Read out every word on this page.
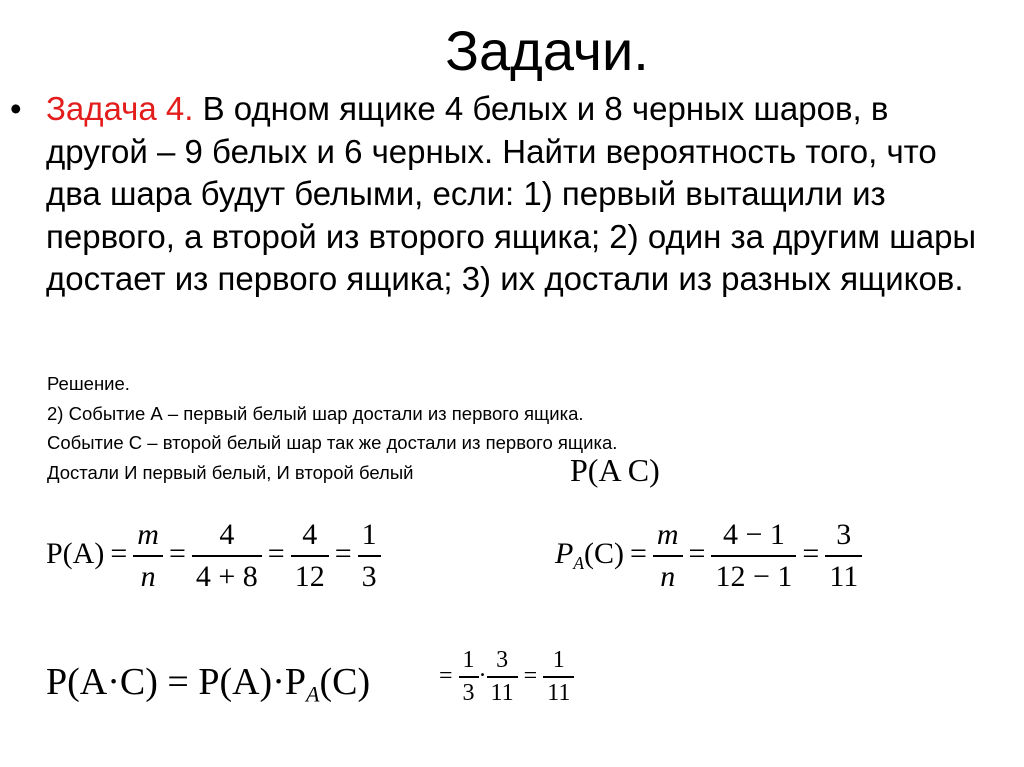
Задачи.
• Задача 4. В одном ящике 4 белых и 8 черных шаров, в другой – 9 белых и 6 черных. Найти вероятность того, что два шара будут белыми, если: 1) первый вытащили из первого, а второй из второго ящика; 2) один за другим шары достает из первого ящика; 3) их достали из разных ящиков.
Решение.
2) Событие А – первый белый шар достали из первого ящика.
Событие С – второй белый шар так же достали из первого ящика.
Достали И первый белый, И второй белый	P(A C)
$P(A) = \frac{m}{n} = \frac{4}{4 + 8} = \frac{4}{12} = \frac{1}{3}$	$P_A(C) = \frac{m}{n} = \frac{4 - 1}{12 - 1} = \frac{3}{11}$
$P(A\cdot C) = P(A)\cdot P_A(C)$	= $\frac{1}{3} \cdot \frac{3}{11} = \frac{1}{11}$
